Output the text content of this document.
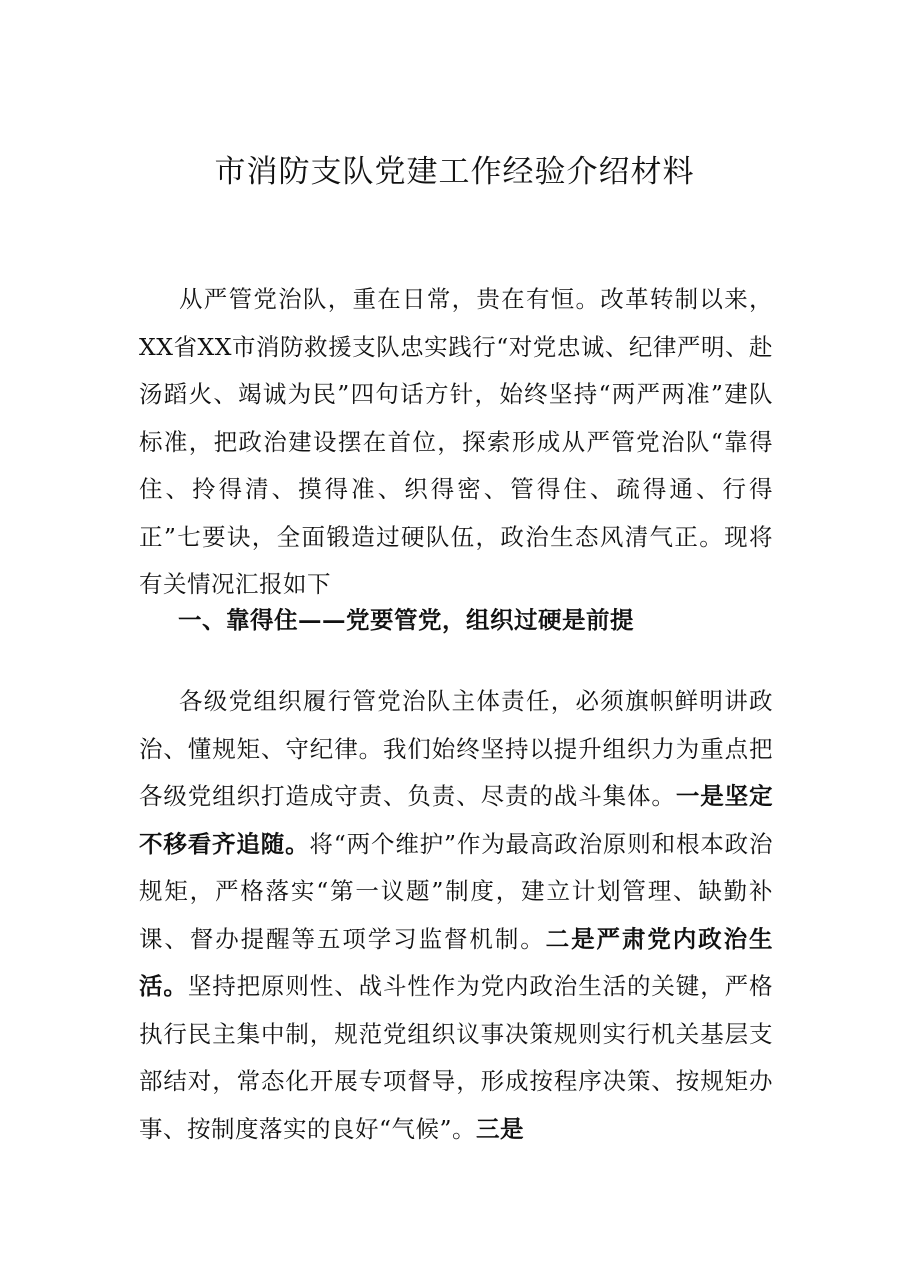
市消防支队党建工作经验介绍材料

从严管党治队，重在日常，贵在有恒。改革转制以来，XX省XX市消防救援支队忠实践行“对党忠诚、纪律严明、赴汤蹈火、竭诚为民”四句话方针，始终坚持“两严两准”建队标准，把政治建设摆在首位，探索形成从严管党治队“靠得住、拎得清、摸得准、织得密、管得住、疏得通、行得正”七要诀，全面锻造过硬队伍，政治生态风清气正。现将有关情况汇报如下

一、靠得住——党要管党，组织过硬是前提

各级党组织履行管党治队主体责任，必须旗帜鲜明讲政治、懂规矩、守纪律。我们始终坚持以提升组织力为重点把各级党组织打造成守责、负责、尽责的战斗集体。一是坚定不移看齐追随。将“两个维护”作为最高政治原则和根本政治规矩，严格落实“第一议题”制度，建立计划管理、缺勤补课、督办提醒等五项学习监督机制。二是严肃党内政治生活。坚持把原则性、战斗性作为党内政治生活的关键，严格执行民主集中制，规范党组织议事决策规则实行机关基层支部结对，常态化开展专项督导，形成按程序决策、按规矩办事、按制度落实的良好“气候”。三是
